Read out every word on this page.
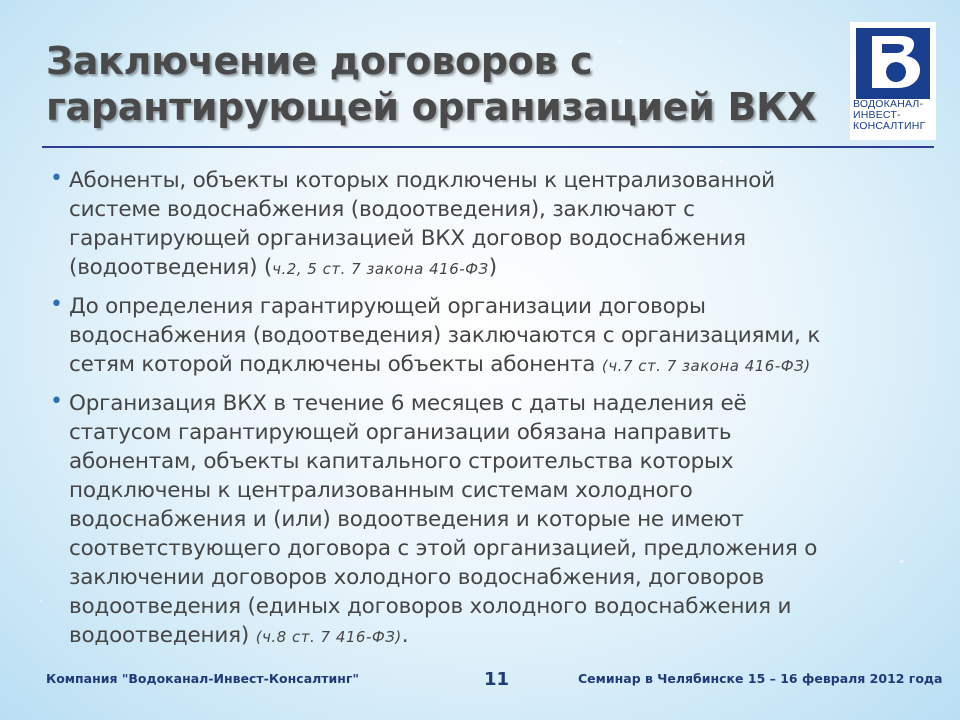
Заключение договоров с
гарантирующей организацией ВКХ	ВОДОКАНАЛ-
ИНВЕСТ-
КОНСАЛТИНГ
• Абоненты, объекты которых подключены к централизованной
системе водоснабжения (водоотведения), заключают с
гарантирующей организацией ВКХ договор водоснабжения
(водоотведения) (ч.2, 5 ст. 7 закона 416-ФЗ)
• До определения гарантирующей организации договоры
водоснабжения (водоотведения) заключаются с организациями, к
сетям которой подключены объекты абонента (ч.7 ст. 7 закона 416-ФЗ)
• Организация ВКХ в течение 6 месяцев с даты наделения её
статусом гарантирующей организации обязана направить
абонентам, объекты капитального строительства которых
подключены к централизованным системам холодного
водоснабжения и (или) водоотведения и которые не имеют
соответствующего договора с этой организацией, предложения о
заключении договоров холодного водоснабжения, договоров
водоотведения (единых договоров холодного водоснабжения и
водоотведения) (ч.8 ст. 7 416-ФЗ).
Компания "Водоканал-Инвест-Консалтинг"	11	Семинар в Челябинске 15 – 16 февраля 2012 года
